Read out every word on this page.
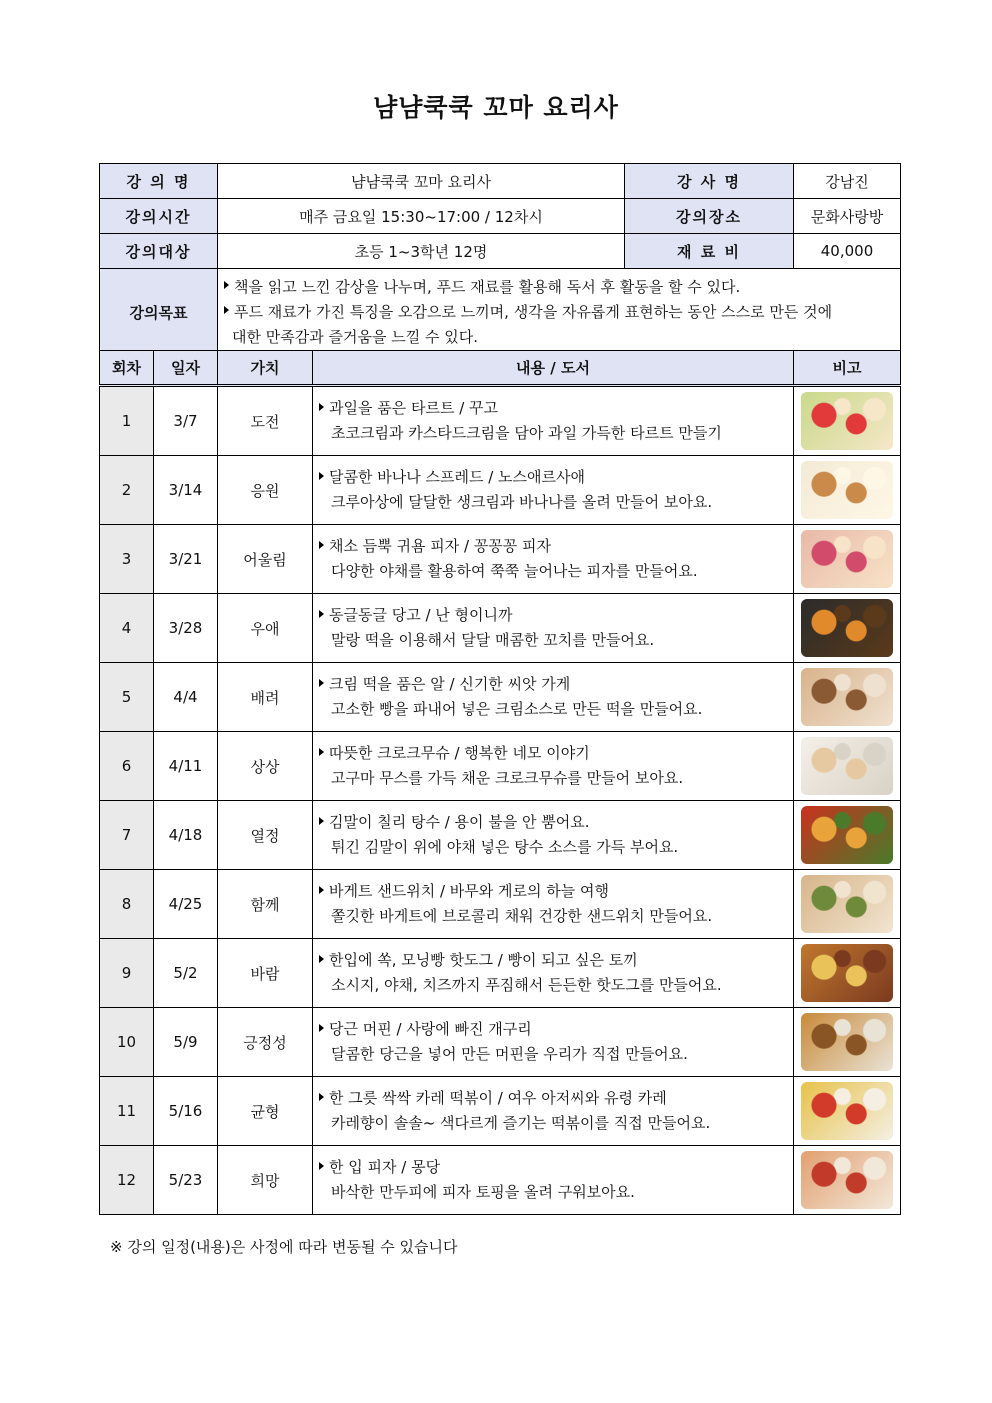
냠냠쿡쿡 꼬마 요리사
강 의 명	냠냠쿡쿡 꼬마 요리사	강 사 명	강남진
강의시간	매주 금요일 15:30~17:00 / 12차시	강의장소	문화사랑방
강의대상	초등 1~3학년 12명	재 료 비	40,000
강의목표	책을 읽고 느낀 감상을 나누며, 푸드 재료를 활용해 독서 후 활동을 할 수 있다.
푸드 재료가 가진 특징을 오감으로 느끼며, 생각을 자유롭게 표현하는 동안 스스로 만든 것에
대한 만족감과 즐거움을 느낄 수 있다.		
회차	일자	가치	내용 / 도서	비고
1	3/7	도전	과일을 품은 타르트 / 꾸고
초코크림과 카스타드크림을 담아 과일 가득한 타르트 만들기	

2	3/14	응원	달콤한 바나나 스프레드 / 노스애르사애
크루아상에 달달한 생크림과 바나나를 올려 만들어 보아요.	

3	3/21	어울림	채소 듬뿍 귀욤 피자 / 꽁꽁꽁 피자
다양한 야채를 활용하여 쭉쭉 늘어나는 피자를 만들어요.	

4	3/28	우애	동글동글 당고 / 난 형이니까
말랑 떡을 이용해서 달달 매콤한 꼬치를 만들어요.	

5	4/4	배려	크림 떡을 품은 알 / 신기한 씨앗 가게
고소한 빵을 파내어 넣은 크림소스로 만든 떡을 만들어요.	

6	4/11	상상	따뜻한 크로크무슈 / 행복한 네모 이야기
고구마 무스를 가득 채운 크로크무슈를 만들어 보아요.	

7	4/18	열정	김말이 칠리 탕수 / 용이 불을 안 뿜어요.
튀긴 김말이 위에 야채 넣은 탕수 소스를 가득 부어요.	

8	4/25	함께	바게트 샌드위치 / 바무와 게로의 하늘 여행
쫄깃한 바게트에 브로콜리 채워 건강한 샌드위치 만들어요.	

9	5/2	바람	한입에 쏙, 모닝빵 핫도그 / 빵이 되고 싶은 토끼
소시지, 야채, 치즈까지 푸짐해서 든든한 핫도그를 만들어요.	

10	5/9	긍정성	당근 머핀 / 사랑에 빠진 개구리
달콤한 당근을 넣어 만든 머핀을 우리가 직접 만들어요.	

11	5/16	균형	한 그릇 싹싹 카레 떡볶이 / 여우 아저씨와 유령 카레
카레향이 솔솔~ 색다르게 즐기는 떡볶이를 직접 만들어요.	

12	5/23	희망	한 입 피자 / 몽당
바삭한 만두피에 피자 토핑을 올려 구워보아요.	

※ 강의 일정(내용)은 사정에 따라 변동될 수 있습니다
